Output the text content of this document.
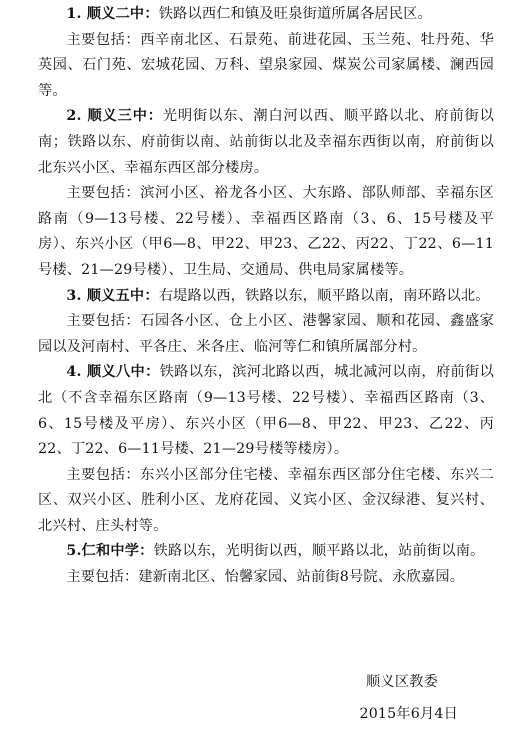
1. 顺义二中：铁路以西仁和镇及旺泉街道所属各居民区。

主要包括：西辛南北区、石景苑、前进花园、玉兰苑、牡丹苑、华英园、石门苑、宏城花园、万科、望泉家园、煤炭公司家属楼、澜西园等。

2. 顺义三中：光明街以东、潮白河以西、顺平路以北、府前街以南；铁路以东、府前街以南、站前街以北及幸福东西街以南，府前街以北东兴小区、幸福东西区部分楼房。

主要包括：滨河小区、裕龙各小区、大东路、部队师部、幸福东区路南（9—13号楼、22号楼）、幸福西区路南（3、6、15号楼及平房）、东兴小区（甲6—8、甲22、甲23、乙22、丙22、丁22、6—11号楼、21—29号楼）、卫生局、交通局、供电局家属楼等。

3. 顺义五中：右堤路以西，铁路以东，顺平路以南，南环路以北。

主要包括：石园各小区、仓上小区、港馨家园、顺和花园、鑫盛家园以及河南村、平各庄、米各庄、临河等仁和镇所属部分村。

4. 顺义八中：铁路以东，滨河北路以西，城北减河以南，府前街以北（不含幸福东区路南（9—13号楼、22号楼）、幸福西区路南（3、6、15号楼及平房）、东兴小区（甲6—8、甲22、甲23、乙22、丙22、丁22、6—11号楼、21—29号楼等楼房）。

主要包括：东兴小区部分住宅楼、幸福东西区部分住宅楼、东兴二区、双兴小区、胜利小区、龙府花园、义宾小区、金汉绿港、复兴村、北兴村、庄头村等。

5.仁和中学：铁路以东，光明街以西，顺平路以北，站前街以南。

主要包括：建新南北区、怡馨家园、站前街8号院、永欣嘉园。

顺义区教委
2015年6月4日
